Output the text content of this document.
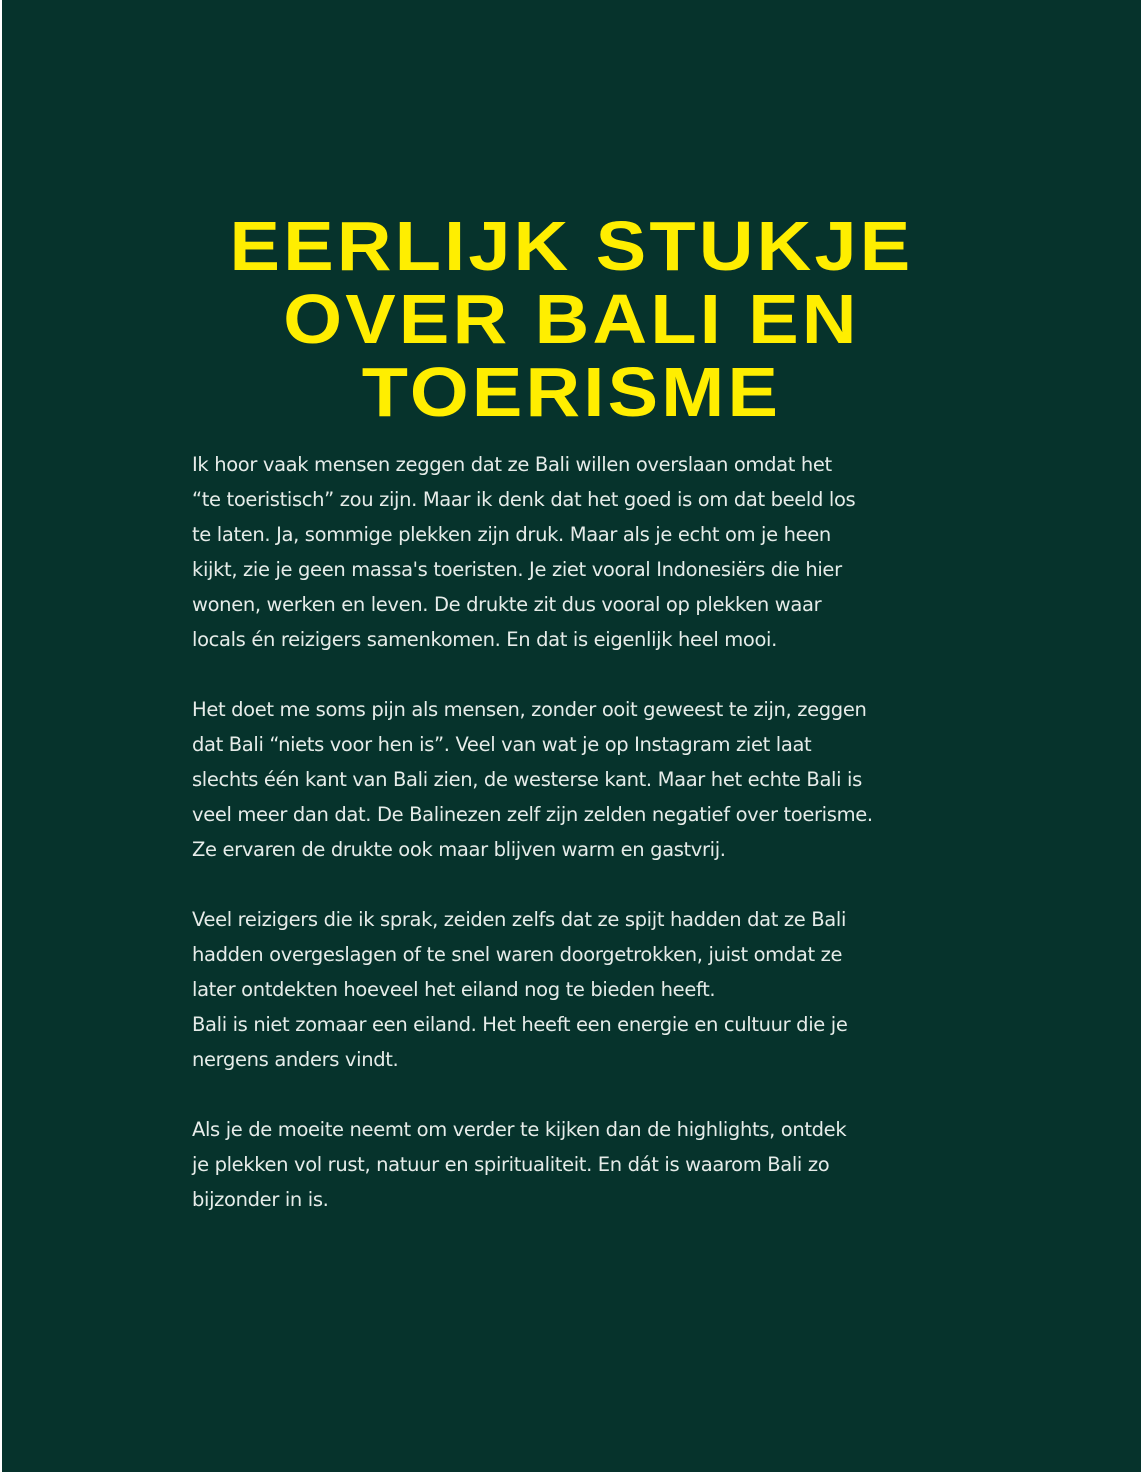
EERLIJK STUKJE
OVER BALI EN
TOERISME

Ik hoor vaak mensen zeggen dat ze Bali willen overslaan omdat het
“te toeristisch” zou zijn. Maar ik denk dat het goed is om dat beeld los
te laten. Ja, sommige plekken zijn druk. Maar als je echt om je heen
kijkt, zie je geen massa's toeristen. Je ziet vooral Indonesiërs die hier
wonen, werken en leven. De drukte zit dus vooral op plekken waar
locals én reizigers samenkomen. En dat is eigenlijk heel mooi.

Het doet me soms pijn als mensen, zonder ooit geweest te zijn, zeggen
dat Bali “niets voor hen is”. Veel van wat je op Instagram ziet laat
slechts één kant van Bali zien, de westerse kant. Maar het echte Bali is
veel meer dan dat. De Balinezen zelf zijn zelden negatief over toerisme.
Ze ervaren de drukte ook maar blijven warm en gastvrij.

Veel reizigers die ik sprak, zeiden zelfs dat ze spijt hadden dat ze Bali
hadden overgeslagen of te snel waren doorgetrokken, juist omdat ze
later ontdekten hoeveel het eiland nog te bieden heeft.
Bali is niet zomaar een eiland. Het heeft een energie en cultuur die je
nergens anders vindt.

Als je de moeite neemt om verder te kijken dan de highlights, ontdek
je plekken vol rust, natuur en spiritualiteit. En dát is waarom Bali zo
bijzonder in is.
